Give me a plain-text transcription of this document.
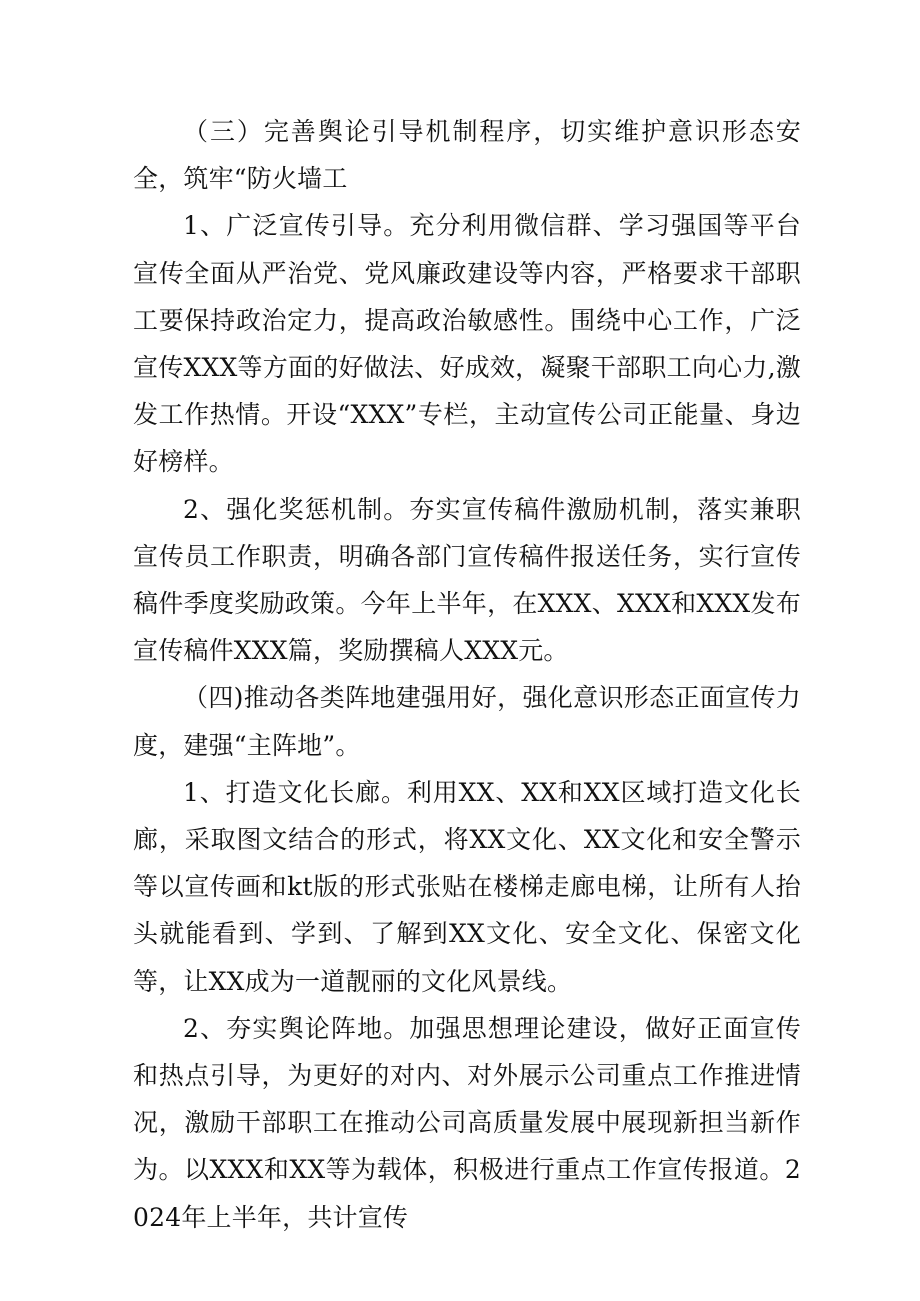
（三）完善舆论引导机制程序，切实维护意识形态安全，筑牢“防火墙工

1、广泛宣传引导。充分利用微信群、学习强国等平台宣传全面从严治党、党风廉政建设等内容，严格要求干部职工要保持政治定力，提高政治敏感性。围绕中心工作，广泛宣传XXX等方面的好做法、好成效，凝聚干部职工向心力,激发工作热情。开设“XXX”专栏，主动宣传公司正能量、身边好榜样。

2、强化奖惩机制。夯实宣传稿件激励机制，落实兼职宣传员工作职责，明确各部门宣传稿件报送任务，实行宣传稿件季度奖励政策。今年上半年，在XXX、XXX和XXX发布宣传稿件XXX篇，奖励撰稿人XXX元。

（四)推动各类阵地建强用好，强化意识形态正面宣传力度，建强“主阵地”。

1、打造文化长廊。利用XX、XX和XX区域打造文化长廊，采取图文结合的形式，将XX文化、XX文化和安全警示等以宣传画和kt版的形式张贴在楼梯走廊电梯，让所有人抬头就能看到、学到、了解到XX文化、安全文化、保密文化等，让XX成为一道靓丽的文化风景线。

2、夯实舆论阵地。加强思想理论建设，做好正面宣传和热点引导，为更好的对内、对外展示公司重点工作推进情况，激励干部职工在推动公司高质量发展中展现新担当新作为。以XXX和XX等为载体，积极进行重点工作宣传报道。2024年上半年，共计宣传
